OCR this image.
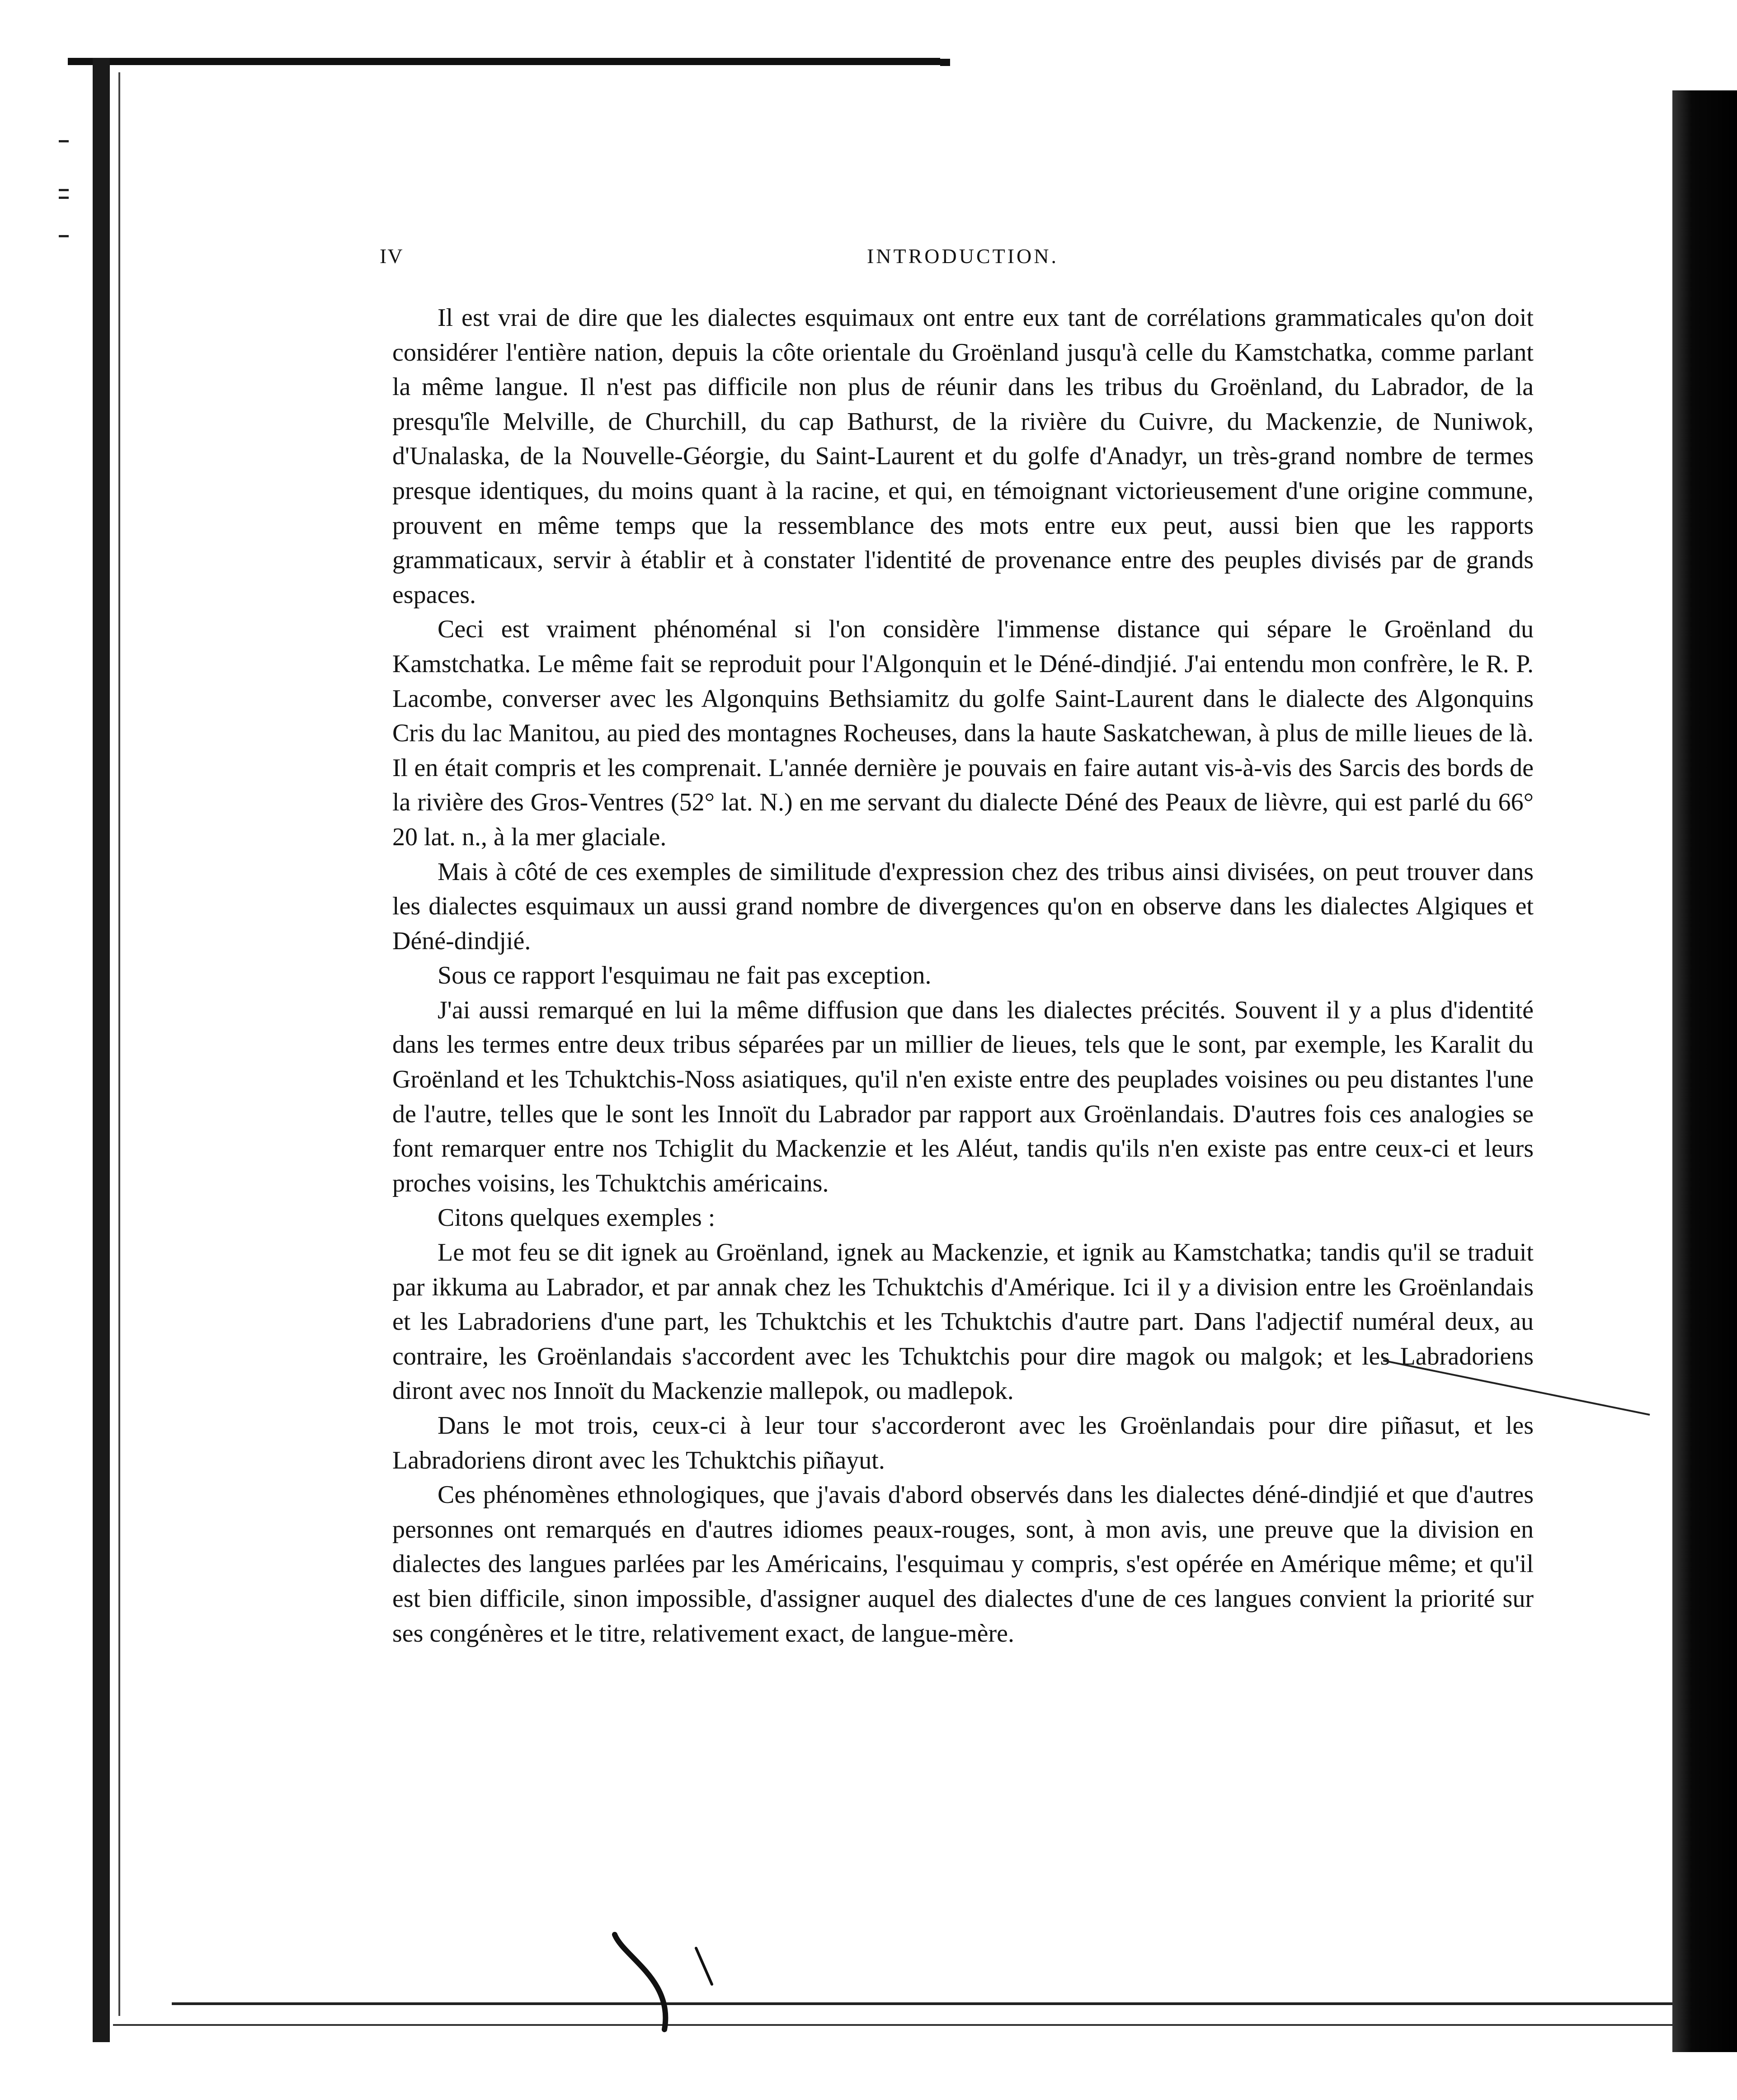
IV	INTRODUCTION.

Il est vrai de dire que les dialectes esquimaux ont entre eux tant de corrélations grammaticales qu'on doit considérer l'entière nation, depuis la côte orientale du Groënland jusqu'à celle du Kamstchatka, comme parlant la même langue. Il n'est pas difficile non plus de réunir dans les tribus du Groënland, du Labrador, de la presqu'île Melville, de Churchill, du cap Bathurst, de la rivière du Cuivre, du Mackenzie, de Nuniwok, d'Unalaska, de la Nouvelle-Géorgie, du Saint-Laurent et du golfe d'Anadyr, un très-grand nombre de termes presque identiques, du moins quant à la racine, et qui, en témoignant victorieusement d'une origine commune, prouvent en même temps que la ressemblance des mots entre eux peut, aussi bien que les rapports grammaticaux, servir à établir et à constater l'identité de provenance entre des peuples divisés par de grands espaces.

Ceci est vraiment phénoménal si l'on considère l'immense distance qui sépare le Groënland du Kamstchatka. Le même fait se reproduit pour l'Algonquin et le Déné-dindjié. J'ai entendu mon confrère, le R. P. Lacombe, converser avec les Algonquins Bethsiamitz du golfe Saint-Laurent dans le dialecte des Algonquins Cris du lac Manitou, au pied des montagnes Rocheuses, dans la haute Saskatchewan, à plus de mille lieues de là. Il en était compris et les comprenait. L'année dernière je pouvais en faire autant vis-à-vis des Sarcis des bords de la rivière des Gros-Ventres (52° lat. N.) en me servant du dialecte Déné des Peaux de lièvre, qui est parlé du 66° 20 lat. n., à la mer glaciale.

Mais à côté de ces exemples de similitude d'expression chez des tribus ainsi divisées, on peut trouver dans les dialectes esquimaux un aussi grand nombre de divergences qu'on en observe dans les dialectes Algiques et Déné-dindjié.

Sous ce rapport l'esquimau ne fait pas exception.

J'ai aussi remarqué en lui la même diffusion que dans les dialectes précités. Souvent il y a plus d'identité dans les termes entre deux tribus séparées par un millier de lieues, tels que le sont, par exemple, les Karalit du Groënland et les Tchuktchis-Noss asiatiques, qu'il n'en existe entre des peuplades voisines ou peu distantes l'une de l'autre, telles que le sont les Innoït du Labrador par rapport aux Groënlandais. D'autres fois ces analogies se font remarquer entre nos Tchiglit du Mackenzie et les Aléut, tandis qu'ils n'en existe pas entre ceux-ci et leurs proches voisins, les Tchuktchis américains.

Citons quelques exemples :

Le mot feu se dit ignek au Groënland, ignek au Mackenzie, et ignik au Kamstchatka; tandis qu'il se traduit par ikkuma au Labrador, et par annak chez les Tchuktchis d'Amérique. Ici il y a division entre les Groënlandais et les Labradoriens d'une part, les Tchuktchis et les Tchuktchis d'autre part. Dans l'adjectif numéral deux, au contraire, les Groënlandais s'accordent avec les Tchuktchis pour dire magok ou malgok; et les Labradoriens diront avec nos Innoït du Mackenzie mallepok, ou madlepok.

Dans le mot trois, ceux-ci à leur tour s'accorderont avec les Groënlandais pour dire piñasut, et les Labradoriens diront avec les Tchuktchis piñayut.

Ces phénomènes ethnologiques, que j'avais d'abord observés dans les dialectes déné-dindjié et que d'autres personnes ont remarqués en d'autres idiomes peaux-rouges, sont, à mon avis, une preuve que la division en dialectes des langues parlées par les Américains, l'esquimau y compris, s'est opérée en Amérique même; et qu'il est bien difficile, sinon impossible, d'assigner auquel des dialectes d'une de ces langues convient la priorité sur ses congénères et le titre, relativement exact, de langue-mère.
